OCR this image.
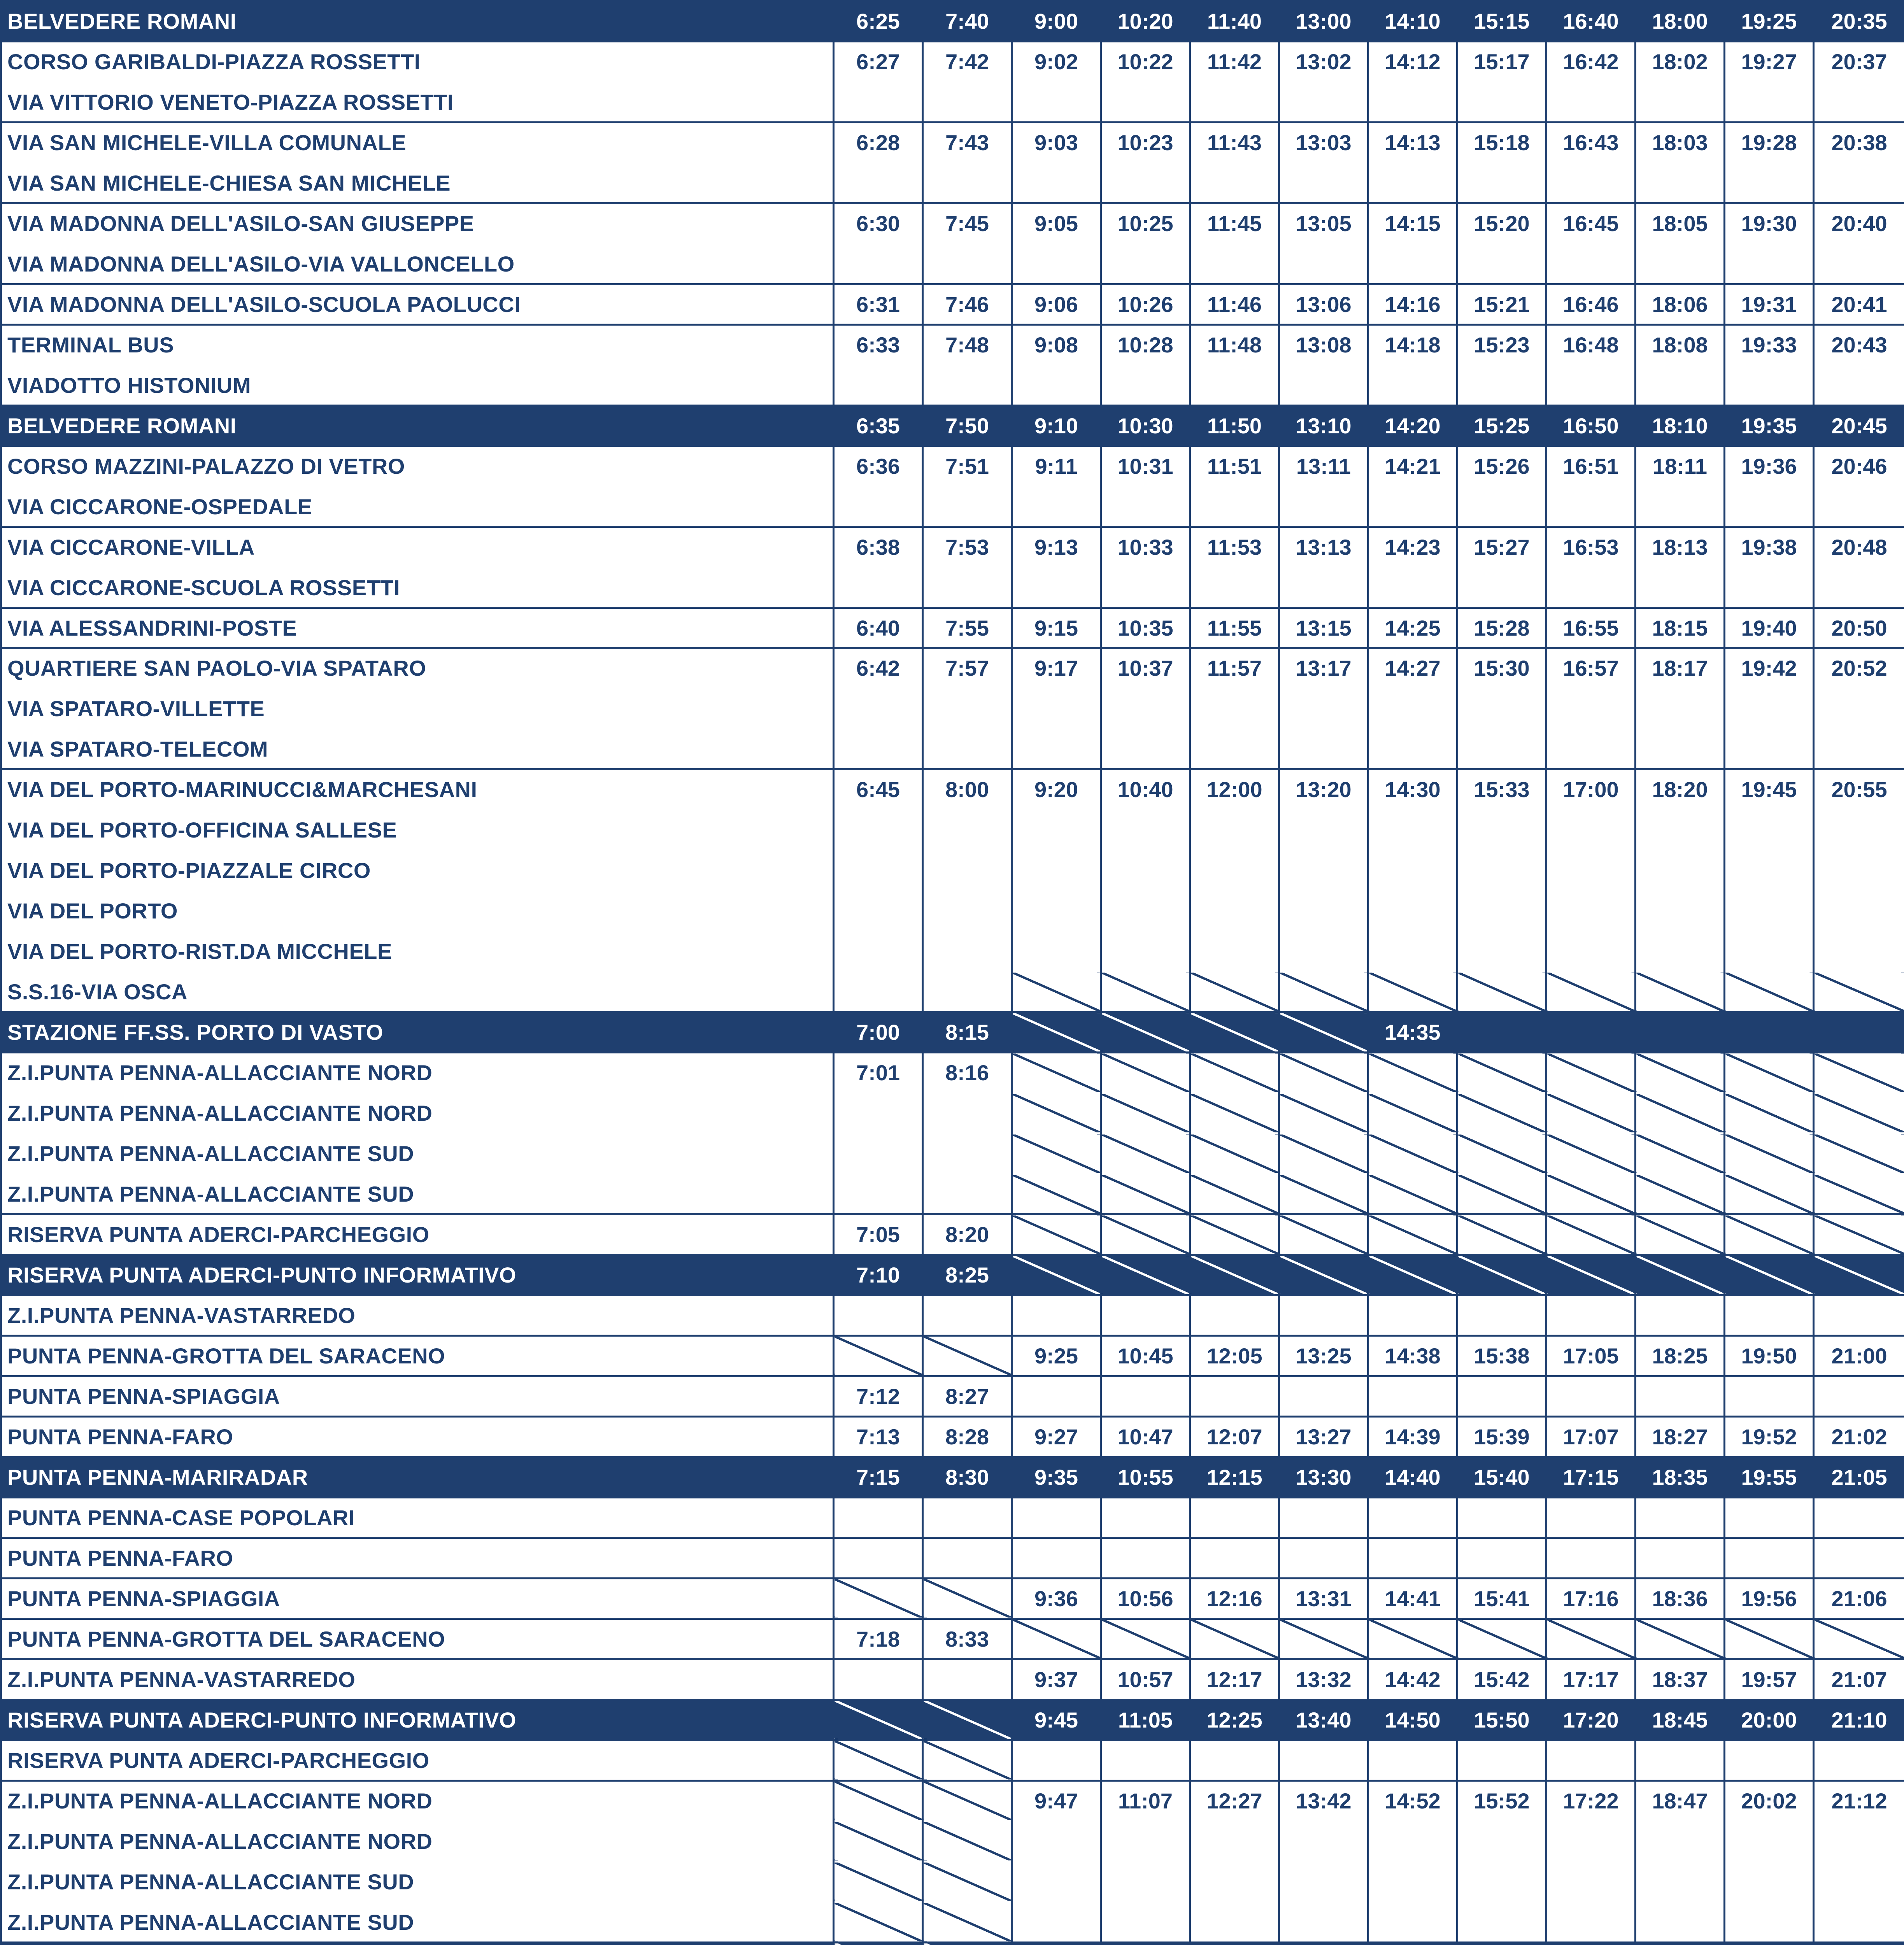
BELVEDERE ROMANI	6:25	7:40	9:00	10:20	11:40	13:00	14:10	15:15	16:40	18:00	19:25	20:35
CORSO GARIBALDI-PIAZZA ROSSETTI	6:27	7:42	9:02	10:22	11:42	13:02	14:12	15:17	16:42	18:02	19:27	20:37
VIA VITTORIO VENETO-PIAZZA ROSSETTI												
VIA SAN MICHELE-VILLA COMUNALE	6:28	7:43	9:03	10:23	11:43	13:03	14:13	15:18	16:43	18:03	19:28	20:38
VIA SAN MICHELE-CHIESA SAN MICHELE												
VIA MADONNA DELL'ASILO-SAN GIUSEPPE	6:30	7:45	9:05	10:25	11:45	13:05	14:15	15:20	16:45	18:05	19:30	20:40
VIA MADONNA DELL'ASILO-VIA VALLONCELLO												
VIA MADONNA DELL'ASILO-SCUOLA PAOLUCCI	6:31	7:46	9:06	10:26	11:46	13:06	14:16	15:21	16:46	18:06	19:31	20:41
TERMINAL BUS	6:33	7:48	9:08	10:28	11:48	13:08	14:18	15:23	16:48	18:08	19:33	20:43
VIADOTTO HISTONIUM												
BELVEDERE ROMANI	6:35	7:50	9:10	10:30	11:50	13:10	14:20	15:25	16:50	18:10	19:35	20:45
CORSO MAZZINI-PALAZZO DI VETRO	6:36	7:51	9:11	10:31	11:51	13:11	14:21	15:26	16:51	18:11	19:36	20:46
VIA CICCARONE-OSPEDALE												
VIA CICCARONE-VILLA	6:38	7:53	9:13	10:33	11:53	13:13	14:23	15:27	16:53	18:13	19:38	20:48
VIA CICCARONE-SCUOLA ROSSETTI												
VIA ALESSANDRINI-POSTE	6:40	7:55	9:15	10:35	11:55	13:15	14:25	15:28	16:55	18:15	19:40	20:50
QUARTIERE SAN PAOLO-VIA SPATARO	6:42	7:57	9:17	10:37	11:57	13:17	14:27	15:30	16:57	18:17	19:42	20:52
VIA SPATARO-VILLETTE												
VIA SPATARO-TELECOM												
VIA DEL PORTO-MARINUCCI&MARCHESANI	6:45	8:00	9:20	10:40	12:00	13:20	14:30	15:33	17:00	18:20	19:45	20:55
VIA DEL PORTO-OFFICINA SALLESE												
VIA DEL PORTO-PIAZZALE CIRCO												
VIA DEL PORTO												
VIA DEL PORTO-RIST.DA MICCHELE												
S.S.16-VIA OSCA												
STAZIONE FF.SS. PORTO DI VASTO	7:00	8:15					14:35					
Z.I.PUNTA PENNA-ALLACCIANTE NORD	7:01	8:16										
Z.I.PUNTA PENNA-ALLACCIANTE NORD												
Z.I.PUNTA PENNA-ALLACCIANTE SUD												
Z.I.PUNTA PENNA-ALLACCIANTE SUD												
RISERVA PUNTA ADERCI-PARCHEGGIO	7:05	8:20										
RISERVA PUNTA ADERCI-PUNTO INFORMATIVO	7:10	8:25										
Z.I.PUNTA PENNA-VASTARREDO												
PUNTA PENNA-GROTTA DEL SARACENO			9:25	10:45	12:05	13:25	14:38	15:38	17:05	18:25	19:50	21:00
PUNTA PENNA-SPIAGGIA	7:12	8:27										
PUNTA PENNA-FARO	7:13	8:28	9:27	10:47	12:07	13:27	14:39	15:39	17:07	18:27	19:52	21:02
PUNTA PENNA-MARIRADAR	7:15	8:30	9:35	10:55	12:15	13:30	14:40	15:40	17:15	18:35	19:55	21:05
PUNTA PENNA-CASE POPOLARI												
PUNTA PENNA-FARO												
PUNTA PENNA-SPIAGGIA			9:36	10:56	12:16	13:31	14:41	15:41	17:16	18:36	19:56	21:06
PUNTA PENNA-GROTTA DEL SARACENO	7:18	8:33										
Z.I.PUNTA PENNA-VASTARREDO			9:37	10:57	12:17	13:32	14:42	15:42	17:17	18:37	19:57	21:07
RISERVA PUNTA ADERCI-PUNTO INFORMATIVO			9:45	11:05	12:25	13:40	14:50	15:50	17:20	18:45	20:00	21:10
RISERVA PUNTA ADERCI-PARCHEGGIO												
Z.I.PUNTA PENNA-ALLACCIANTE NORD			9:47	11:07	12:27	13:42	14:52	15:52	17:22	18:47	20:02	21:12
Z.I.PUNTA PENNA-ALLACCIANTE NORD												
Z.I.PUNTA PENNA-ALLACCIANTE SUD												
Z.I.PUNTA PENNA-ALLACCIANTE SUD												
